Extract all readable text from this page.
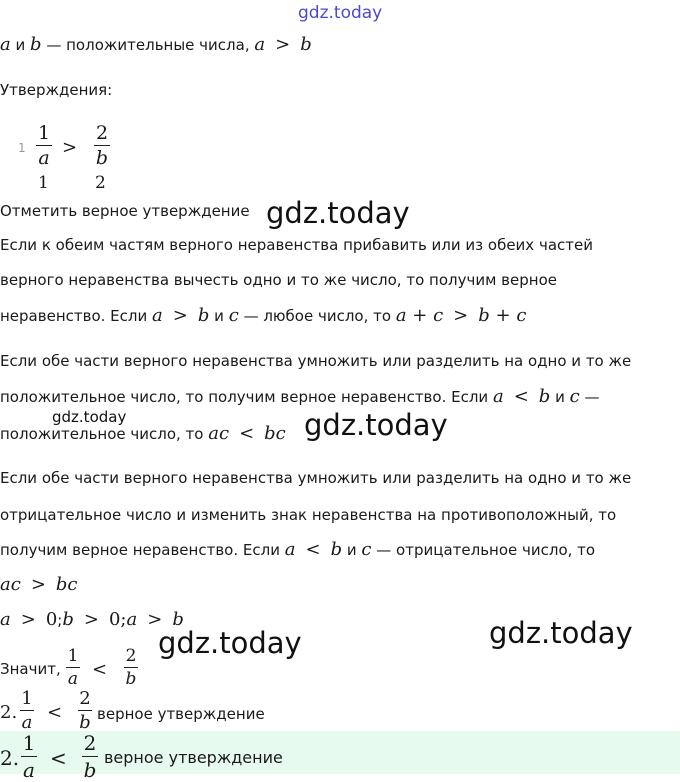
gdz.today
gdz.today
gdz.today	gdz.today
gdz.today	gdz.today
a и b — положительные числа, a > b
Утверждения:
1
1
a >
2
b
1	2
Отметить верное утверждение
Если к обеим частям верного неравенства прибавить или из обеих частей
верного неравенства вычесть одно и то же число, то получим верное
неравенство. Если a > b и c — любое число, то a + c > b + c
Если обе части верного неравенства умножить или разделить на одно и то же
положительное число, то получим верное неравенство. Если a < b и c —
положительное число, то ac < bc
Если обе части верного неравенства умножить или разделить на одно и то же
отрицательное число и изменить знак неравенства на противоположный, то
получим верное неравенство. Если a < b и c — отрицательное число, то
ac > bc
a > 0;b > 0;a > b
Значит,
1
a <
2
b
2.
1
a <
2
b верное утверждение
2.
1
a <
2
b
верное утверждение
